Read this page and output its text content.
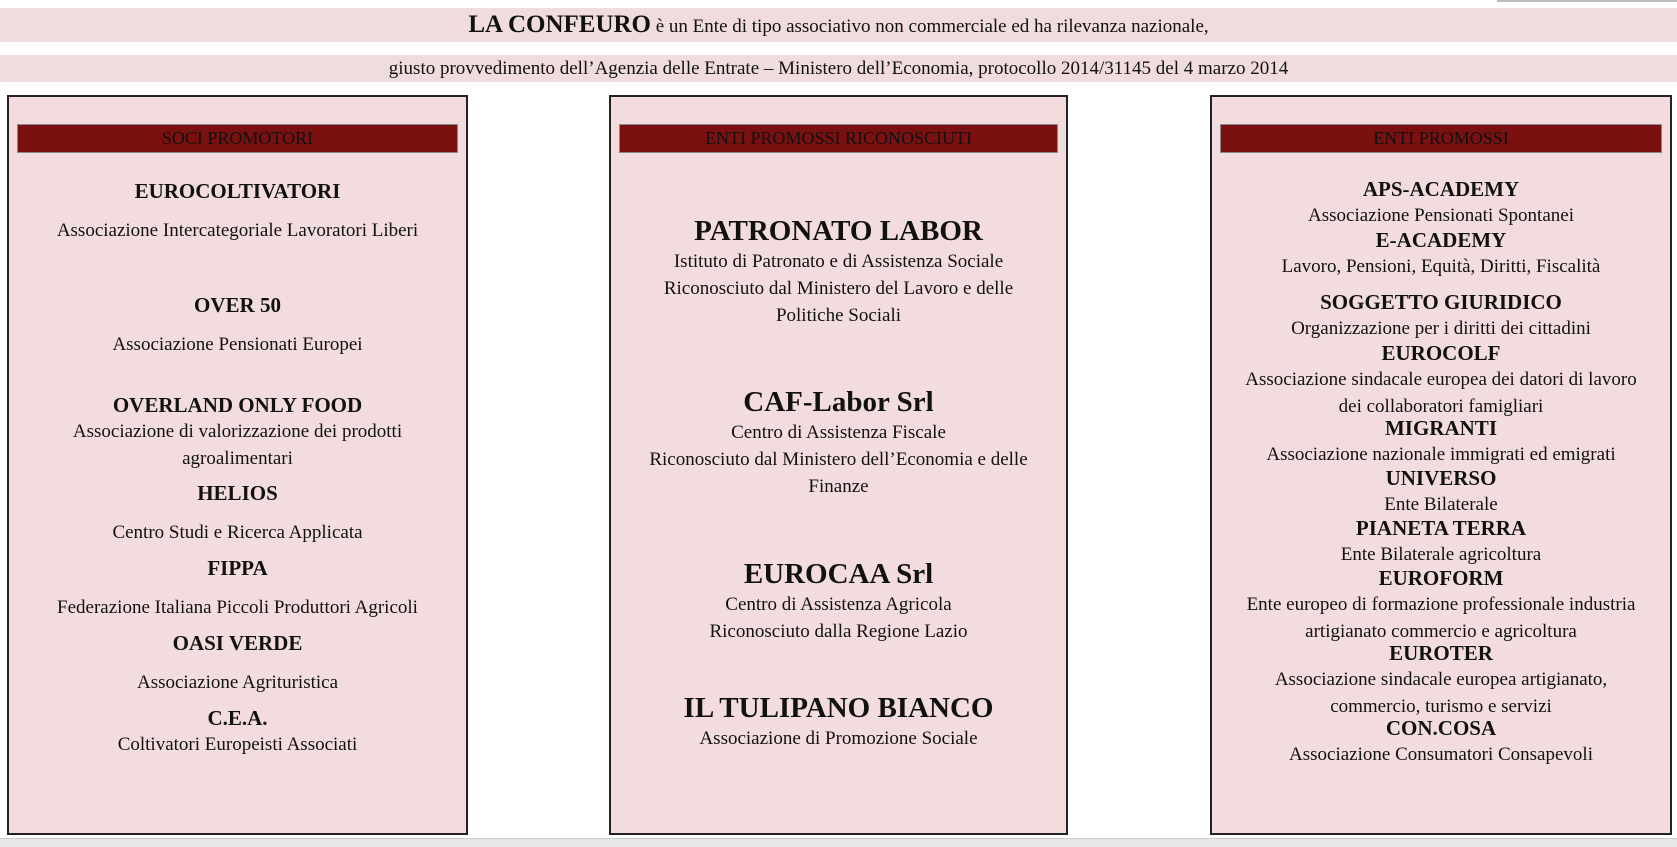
LA CONFEURO è un Ente di tipo associativo non commerciale ed ha rilevanza nazionale,
giusto provvedimento dell’Agenzia delle Entrate – Ministero dell’Economia, protocollo 2014/31145 del 4 marzo 2014
SOCI PROMOTORI
EUROCOLTIVATORI
Associazione Intercategoriale Lavoratori Liberi
OVER 50
Associazione Pensionati Europei
OVERLAND ONLY FOOD
Associazione di valorizzazione dei prodotti agroalimentari
HELIOS
Centro Studi e Ricerca Applicata
FIPPA
Federazione Italiana Piccoli Produttori Agricoli
OASI VERDE
Associazione Agrituristica
C.E.A.
Coltivatori Europeisti Associati
ENTI PROMOSSI RICONOSCIUTI
PATRONATO LABOR
Istituto di Patronato e di Assistenza Sociale
Riconosciuto dal Ministero del Lavoro e delle Politiche Sociali
CAF-Labor Srl
Centro di Assistenza Fiscale
Riconosciuto dal Ministero dell’Economia e delle Finanze
EUROCAA Srl
Centro di Assistenza Agricola
Riconosciuto dalla Regione Lazio
IL TULIPANO BIANCO
Associazione di Promozione Sociale
ENTI PROMOSSI
APS-ACADEMY
Associazione Pensionati Spontanei
E-ACADEMY
Lavoro, Pensioni, Equità, Diritti, Fiscalità
SOGGETTO GIURIDICO
Organizzazione per i diritti dei cittadini
EUROCOLF
Associazione sindacale europea dei datori di lavoro dei collaboratori famigliari
MIGRANTI
Associazione nazionale immigrati ed emigrati
UNIVERSO
Ente Bilaterale
PIANETA TERRA
Ente Bilaterale agricoltura
EUROFORM
Ente europeo di formazione professionale industria artigianato commercio e agricoltura
EUROTER
Associazione sindacale europea artigianato, commercio, turismo e servizi
CON.COSA
Associazione Consumatori Consapevoli
